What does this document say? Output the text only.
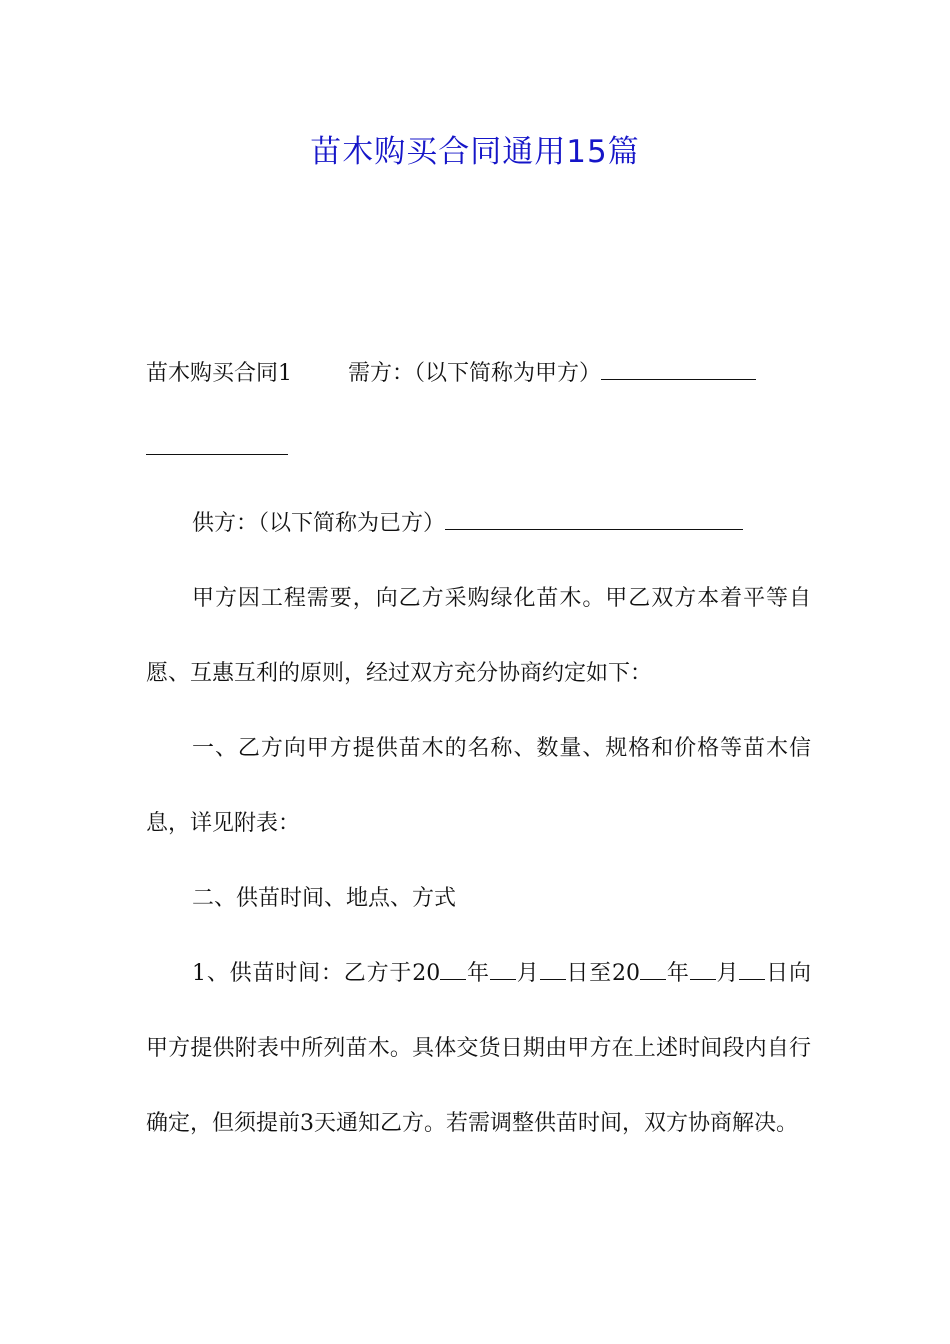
苗木购买合同通用15篇

苗木购买合同1	需方：（以下简称为甲方）

供方：（以下简称为已方）

甲方因工程需要，向乙方采购绿化苗木。甲乙双方本着平等自愿、互惠互利的原则，经过双方充分协商约定如下：

一、乙方向甲方提供苗木的名称、数量、规格和价格等苗木信息，详见附表：

二、供苗时间、地点、方式

1、供苗时间：乙方于20 年 月 日至20 年 月 日向甲方提供附表中所列苗木。具体交货日期由甲方在上述时间段内自行确定，但须提前3天通知乙方。若需调整供苗时间，双方协商解决。
